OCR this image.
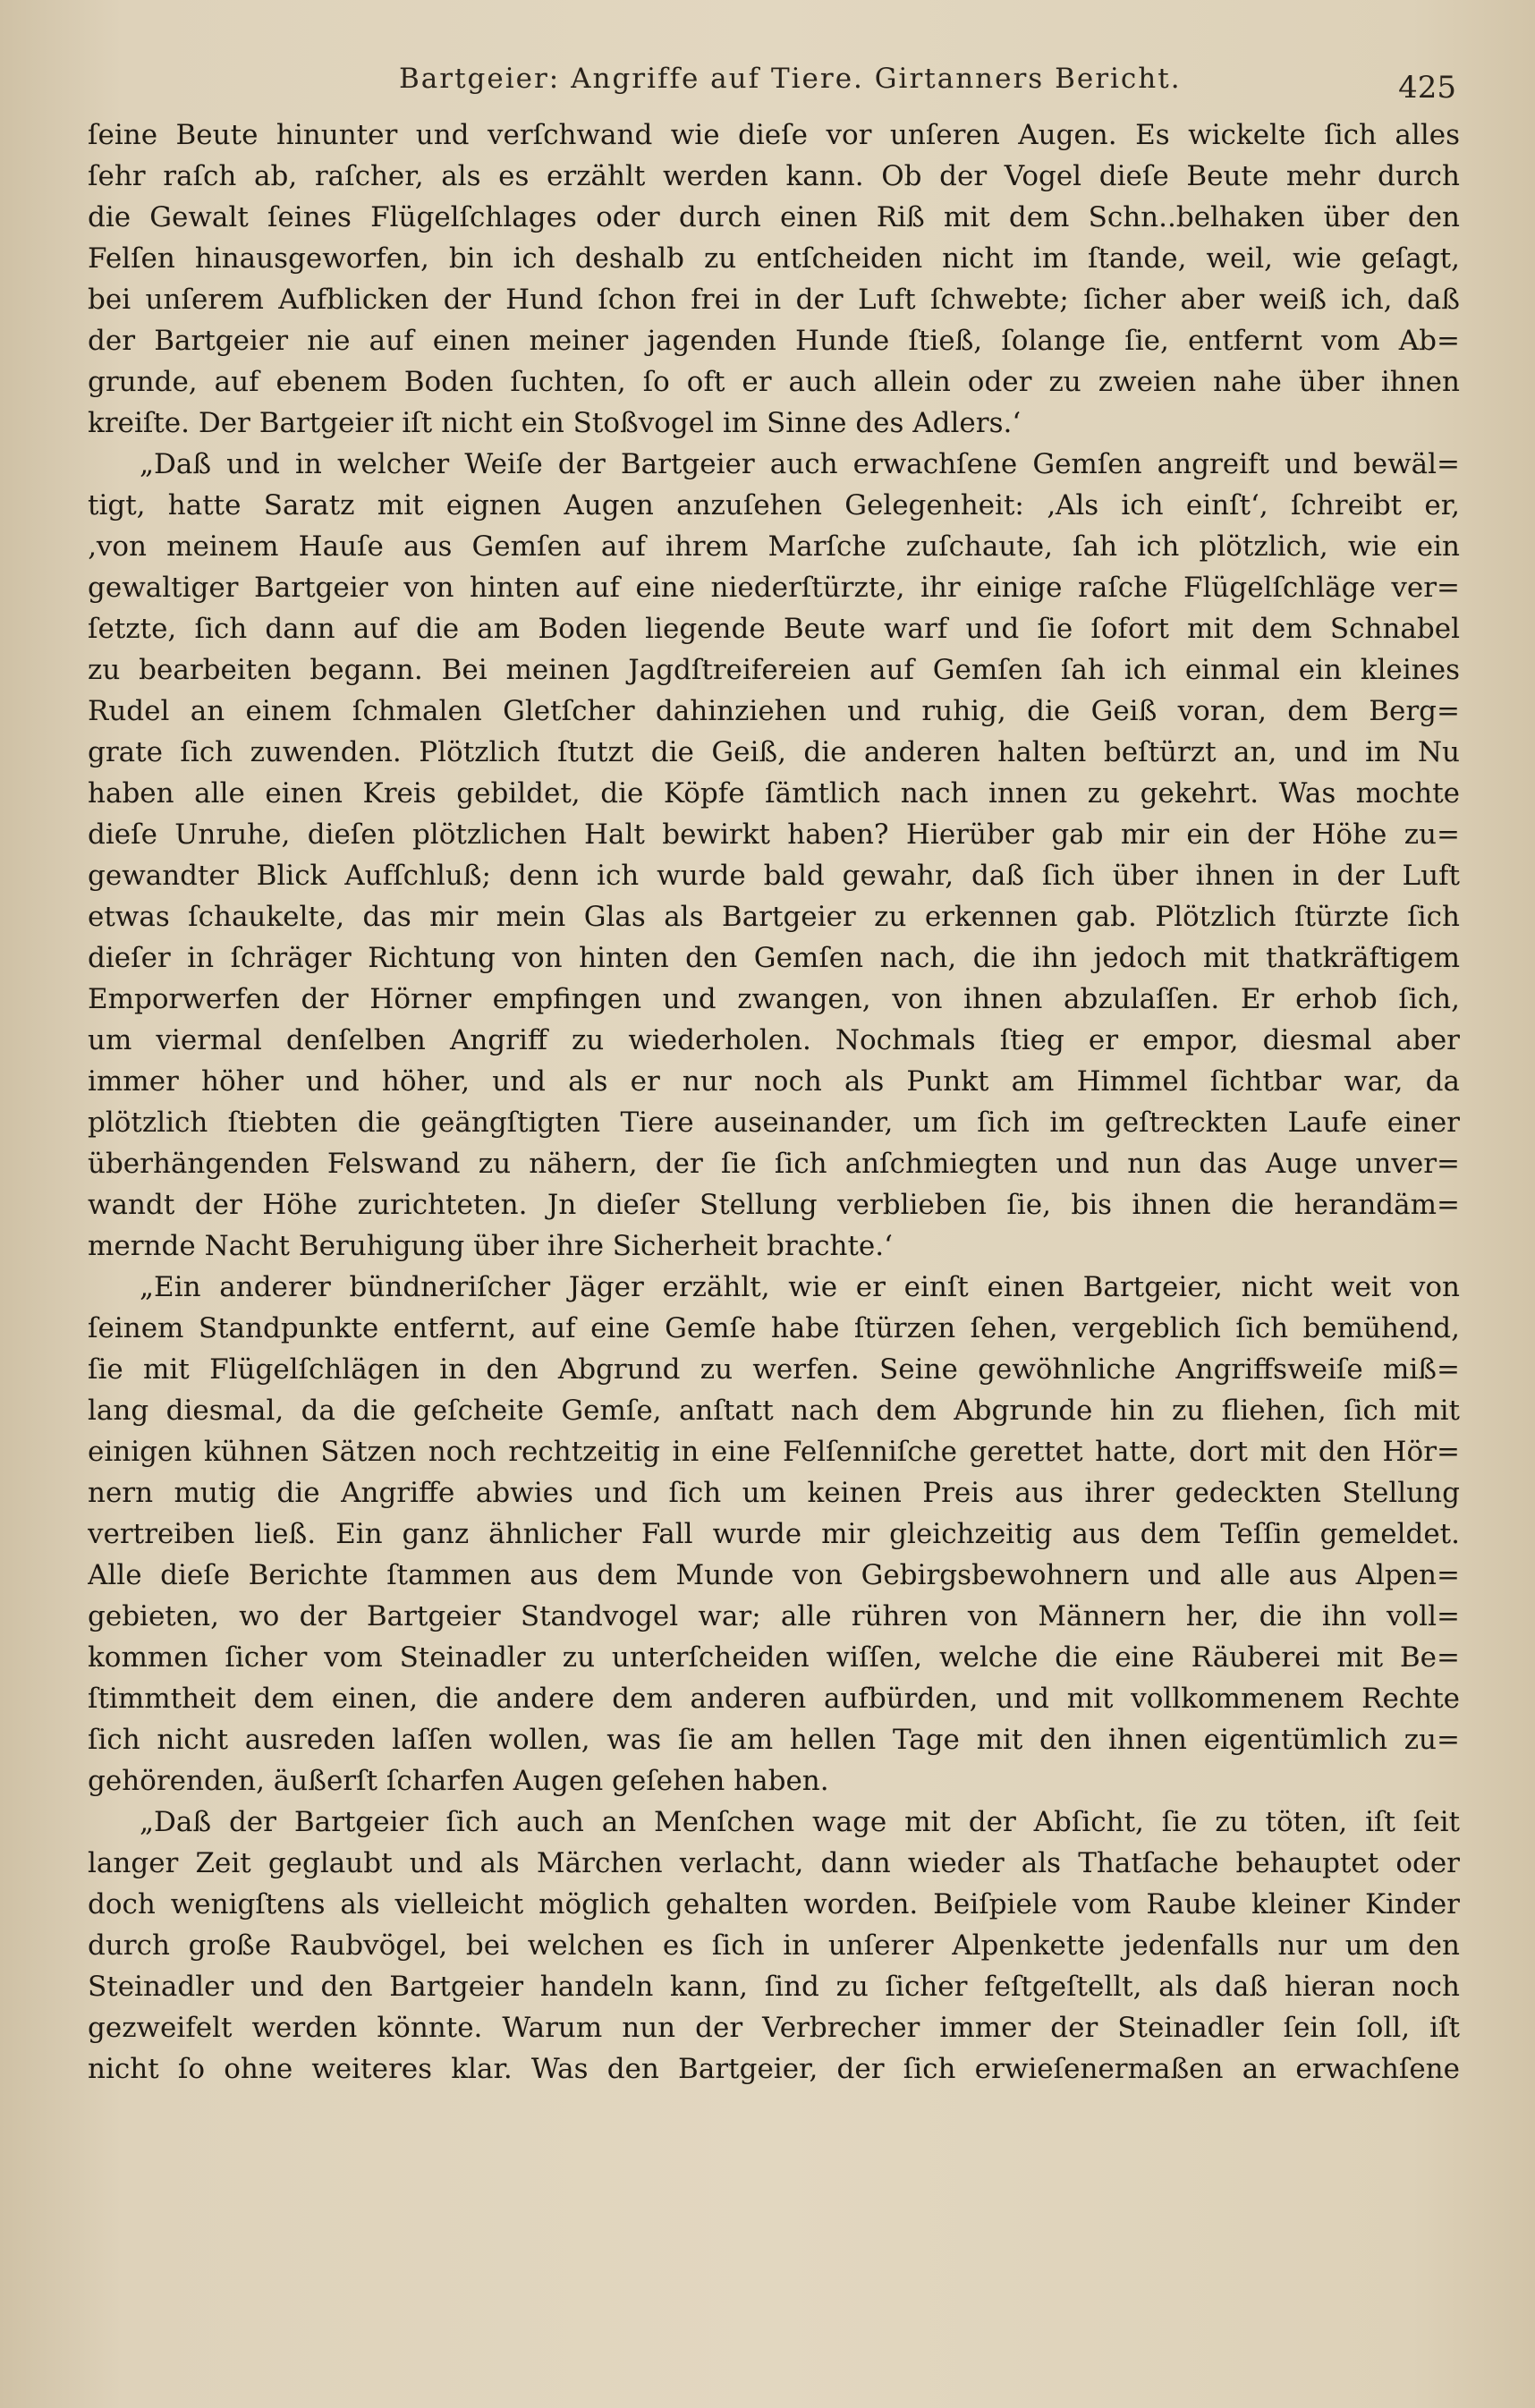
Bartgeier: Angriffe auf Tiere. Girtanners Bericht.	425
ſeine Beute hinunter und verſchwand wie dieſe vor unſeren Augen. Es wickelte ſich alles
ſehr raſch ab, raſcher, als es erzählt werden kann. Ob der Vogel dieſe Beute mehr durch
die Gewalt ſeines Flügelſchlages oder durch einen Riß mit dem Schn..belhaken über den
Felſen hinausgeworfen, bin ich deshalb zu entſcheiden nicht im ſtande, weil, wie geſagt,
bei unſerem Aufblicken der Hund ſchon frei in der Luft ſchwebte; ſicher aber weiß ich, daß
der Bartgeier nie auf einen meiner jagenden Hunde ſtieß, ſolange ſie, entfernt vom Ab=
grunde, auf ebenem Boden ſuchten, ſo oft er auch allein oder zu zweien nahe über ihnen
kreiſte. Der Bartgeier iſt nicht ein Stoßvogel im Sinne des Adlers.‘
„Daß und in welcher Weiſe der Bartgeier auch erwachſene Gemſen angreift und bewäl=
tigt, hatte Saratz mit eignen Augen anzuſehen Gelegenheit: ‚Als ich einſt‘, ſchreibt er,
‚von meinem Hauſe aus Gemſen auf ihrem Marſche zuſchaute, ſah ich plötzlich, wie ein
gewaltiger Bartgeier von hinten auf eine niederſtürzte, ihr einige raſche Flügelſchläge ver=
ſetzte, ſich dann auf die am Boden liegende Beute warf und ſie ſofort mit dem Schnabel
zu bearbeiten begann. Bei meinen Jagdſtreifereien auf Gemſen ſah ich einmal ein kleines
Rudel an einem ſchmalen Gletſcher dahinziehen und ruhig, die Geiß voran, dem Berg=
grate ſich zuwenden. Plötzlich ſtutzt die Geiß, die anderen halten beſtürzt an, und im Nu
haben alle einen Kreis gebildet, die Köpfe ſämtlich nach innen zu gekehrt. Was mochte
dieſe Unruhe, dieſen plötzlichen Halt bewirkt haben? Hierüber gab mir ein der Höhe zu=
gewandter Blick Aufſchluß; denn ich wurde bald gewahr, daß ſich über ihnen in der Luft
etwas ſchaukelte, das mir mein Glas als Bartgeier zu erkennen gab. Plötzlich ſtürzte ſich
dieſer in ſchräger Richtung von hinten den Gemſen nach, die ihn jedoch mit thatkräftigem
Emporwerfen der Hörner empfingen und zwangen, von ihnen abzulaſſen. Er erhob ſich,
um viermal denſelben Angriff zu wiederholen. Nochmals ſtieg er empor, diesmal aber
immer höher und höher, und als er nur noch als Punkt am Himmel ſichtbar war, da
plötzlich ſtiebten die geängſtigten Tiere auseinander, um ſich im geſtreckten Laufe einer
überhängenden Felswand zu nähern, der ſie ſich anſchmiegten und nun das Auge unver=
wandt der Höhe zurichteten. Jn dieſer Stellung verblieben ſie, bis ihnen die herandäm=
mernde Nacht Beruhigung über ihre Sicherheit brachte.‘
„Ein anderer bündneriſcher Jäger erzählt, wie er einſt einen Bartgeier, nicht weit von
ſeinem Standpunkte entfernt, auf eine Gemſe habe ſtürzen ſehen, vergeblich ſich bemühend,
ſie mit Flügelſchlägen in den Abgrund zu werfen. Seine gewöhnliche Angriffsweiſe miß=
lang diesmal, da die geſcheite Gemſe, anſtatt nach dem Abgrunde hin zu fliehen, ſich mit
einigen kühnen Sätzen noch rechtzeitig in eine Felſenniſche gerettet hatte, dort mit den Hör=
nern mutig die Angriffe abwies und ſich um keinen Preis aus ihrer gedeckten Stellung
vertreiben ließ. Ein ganz ähnlicher Fall wurde mir gleichzeitig aus dem Teſſin gemeldet.
Alle dieſe Berichte ſtammen aus dem Munde von Gebirgsbewohnern und alle aus Alpen=
gebieten, wo der Bartgeier Standvogel war; alle rühren von Männern her, die ihn voll=
kommen ſicher vom Steinadler zu unterſcheiden wiſſen, welche die eine Räuberei mit Be=
ſtimmtheit dem einen, die andere dem anderen aufbürden, und mit vollkommenem Rechte
ſich nicht ausreden laſſen wollen, was ſie am hellen Tage mit den ihnen eigentümlich zu=
gehörenden, äußerſt ſcharfen Augen geſehen haben.
„Daß der Bartgeier ſich auch an Menſchen wage mit der Abſicht, ſie zu töten, iſt ſeit
langer Zeit geglaubt und als Märchen verlacht, dann wieder als Thatſache behauptet oder
doch wenigſtens als vielleicht möglich gehalten worden. Beiſpiele vom Raube kleiner Kinder
durch große Raubvögel, bei welchen es ſich in unſerer Alpenkette jedenfalls nur um den
Steinadler und den Bartgeier handeln kann, ſind zu ſicher feſtgeſtellt, als daß hieran noch
gezweifelt werden könnte. Warum nun der Verbrecher immer der Steinadler ſein ſoll, iſt
nicht ſo ohne weiteres klar. Was den Bartgeier, der ſich erwieſenermaßen an erwachſene
